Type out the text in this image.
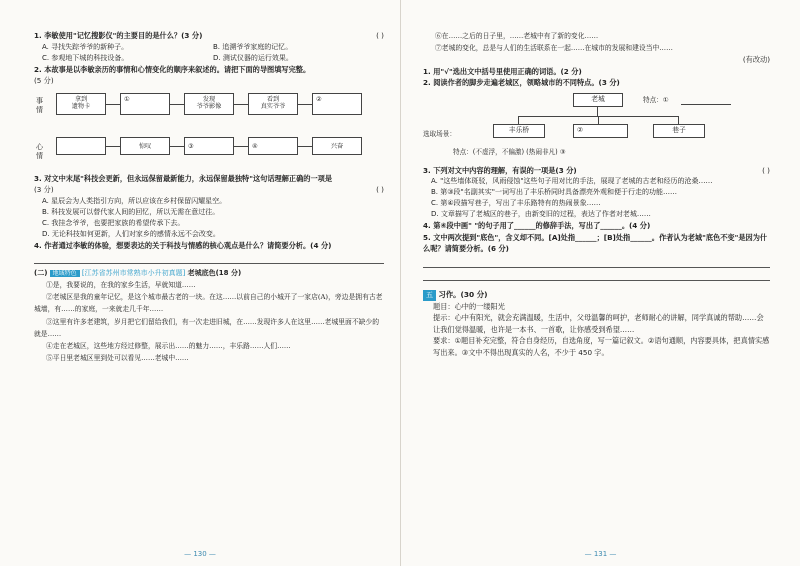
1. 李敏使用"记忆搜影仪"的主要目的是什么？(3 分)	( )
A. 寻找失踪爷爷的新种子。	B. 追溯爷爷家庭的记忆。
C. 参观地下城的科技设备。	D. 测试仪器的运行效果。
2. 本故事是以李敏亲历的事情和心情变化的顺序来叙述的。请把下面的导图填写完整。
(5 分)
事情
心情
拿到
遗物卡
①	发现
爷爷影像
看到
真实爷爷
②
惊叹	③	④	兴奋
3. 对文中末尾"科技会更新，但永远保留最新能力，永远保留最独特"这句话理解正确的一项是
(3 分)	( )
A. 星辰会为人类指引方向，所以应该在乡村保留闪耀星空。
B. 科技发展可以替代家人间的回忆，所以无需在意过往。
C. 我挂念爷爷，也要把家族的希望传承下去。
D. 无论科技如何更新，人们对家乡的感情永远不会改变。
4. 作者通过李敏的体验，想要表达的关于科技与情感的核心观点是什么？请简要分析。(4 分)
(二) 地域特色 [江苏省苏州市常熟市小升初真题] 老城底色(18 分)
①是，我要说的，在我的家乡生活，早就知道……
②老城区是我的童年记忆，是这个城市最古老的一块。在这……以前自己的小城开了一家店(A)，旁边是拥有古老城墙，有……的家庭，一来就走几千年……
③这里有许多老建筑，岁月把它们留给我们，有一次走进旧城，在……发现许多人在这里……老城里面不缺少的就是……
④走在老城区，这些地方经过修整，展示出……的魅力……，丰乐路……人们……
⑤平日里老城区里到处可以看见……老城中……
— 130 —
⑥在……之后的日子里，……老城中有了新的变化……
⑦老城的变化，总是与人们的生活联系在一起……在城市的发展和建设当中……
(有改动)
1. 用"√"选出文中括号里使用正确的词语。(2 分)
2. 阅读作者的脚步走遍老城区，领略城市的不同特点。(3 分)
老城	特点：①
选取场景：	丰乐桥	②	巷子
特点：(不虚浮，不偏激) (热闹非凡) ③
3. 下列对文中内容的理解，有误的一项是(3 分)	( )
A. "这些墙体斑驳，风雨侵蚀"这些句子用对比的手法，展现了老城的古老和经历的沧桑……
B. 第③段"名副其实"一词写出了丰乐桥同时具备漂亮外观和便于行走的功能……
C. 第④段描写巷子，写出了丰乐路特有的热闹景象……
D. 文章描写了老城区的巷子，由新变旧的过程，表达了作者对老城……
4. 第④段中画" "的句子用了______的修辞手法，写出了______。(4 分)
5. 文中两次提到"底色"，含义却不同。[A]处指______；[B]处指______。作者认为老城"底色不变"是因为什么呢？请简要分析。(6 分)
五 习作。(30 分)
题目：心中的一缕阳光
提示：心中有阳光，就会充满温暖，生活中，父母温馨的呵护，老师耐心的讲解，同学真诚的帮助……会让我们觉得温暖，也许是一本书、一首歌，让你感受到希望……
要求：①题目补充完整，符合自身经历，自选角度，写一篇记叙文。②语句通顺，内容要具体，把真情实感写出来。③文中不得出现真实的人名，不少于 450 字。
— 131 —
